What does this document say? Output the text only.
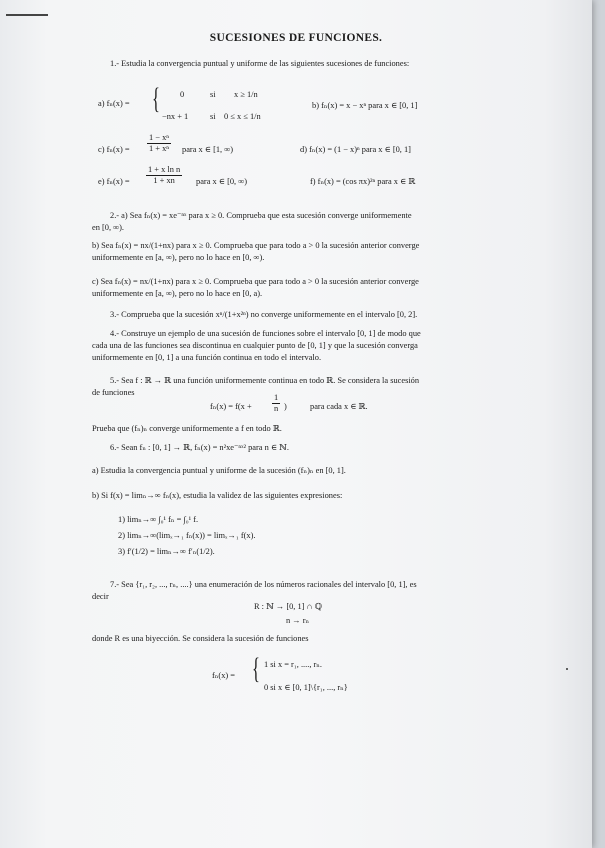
SUCESIONES DE FUNCIONES.
1.- Estudia la convergencia puntual y uniforme de las siguientes sucesiones de funciones:
a) fₙ(x) = { 0	si x ≥ 1/n
−nx + 1	si 0 ≤ x ≤ 1/n
b) fₙ(x) = x − xⁿ para x ∈ [0, 1]
c) $f_n(x) = \frac{\text{1 − xⁿ}}{\text{1 + xⁿ}}$ para x ∈ [1, ∞)	d) fₙ(x) = (1 − x)ⁿ para x ∈ [0, 1]
e) $f_n(x) = \frac{\text{1 + x ln n}}{1 + xn}$ para x ∈ [0, ∞)	f) fₙ(x) = (cos πx)²ⁿ para x ∈ ℝ
2.- a) Sea fₙ(x) = xe⁻ⁿˣ para x ≥ 0. Comprueba que esta sucesión converge uniformemente
en [0, ∞).
b) Sea fₙ(x) = nx/(1+nx) para x ≥ 0. Comprueba que para todo a > 0 la sucesión anterior converge
uniformemente en [a, ∞), pero no lo hace en [0, ∞).
c) Sea fₙ(x) = nx/(1+nx) para x ≥ 0. Comprueba que para todo a > 0 la sucesión anterior converge
uniformemente en [a, ∞), pero no lo hace en [0, a).
3.- Comprueba que la sucesión xⁿ/(1+x²ⁿ) no converge uniformemente en el intervalo [0, 2].
4.- Construye un ejemplo de una sucesión de funciones sobre el intervalo [0, 1] de modo que
cada una de las funciones sea discontinua en cualquier punto de [0, 1] y que la sucesión converga
uniformemente en [0, 1] a una función continua en todo el intervalo.
5.- Sea f : ℝ → ℝ una función uniformemente continua en todo ℝ. Se considera la sucesión
de funciones
$f_n(x) = f(x + \frac{1}{n}$ )	para cada x ∈ ℝ.
Prueba que (fₙ)ₙ converge uniformemente a f en todo ℝ.
6.- Sean fₙ : [0, 1] → ℝ, fₙ(x) = n²xe⁻ⁿˣ² para n ∈ ℕ.
a) Estudia la convergencia puntual y uniforme de la sucesión (fₙ)ₙ en [0, 1].
b) Si f(x) = limₙ→∞ fₙ(x), estudia la validez de las siguientes expresiones:
1) limₙ→∞ ∫₀¹ fₙ = ∫₀¹ f.
2) limₙ→∞(limₓ→₁ fₙ(x)) = limₓ→₁ f(x).
3) f′(1/2) = limₙ→∞ f′ₙ(1/2).
7.- Sea {r₁, r₂, ..., rₙ, ....} una enumeración de los números racionales del intervalo [0, 1], es
decir
R : ℕ → [0, 1] ∩ ℚ
n → rₙ
donde R es una biyección. Se considera la sucesión de funciones
fₙ(x) = { 1 si x = r₁, ...., rₙ.
0 si x ∈ [0, 1]\{r₁, ..., rₙ}
